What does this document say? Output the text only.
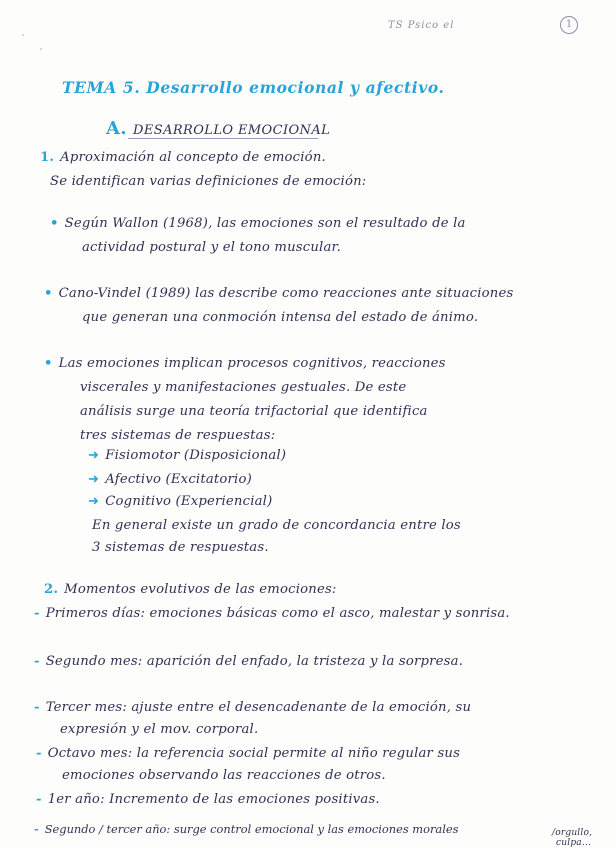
TS Psico el	1
TEMA 5. Desarrollo emocional y afectivo.
A. DESARROLLO EMOCIONAL
1. Aproximación al concepto de emoción.
Se identifican varias definiciones de emoción:
• Según Wallon (1968), las emociones son el resultado de la
actividad postural y el tono muscular.
• Cano-Vindel (1989) las describe como reacciones ante situaciones
que generan una conmoción intensa del estado de ánimo.
• Las emociones implican procesos cognitivos, reacciones
viscerales y manifestaciones gestuales. De este
análisis surge una teoría trifactorial que identifica
tres sistemas de respuestas:
➜ Fisiomotor (Disposicional)
➜ Afectivo (Excitatorio)
➜ Cognitivo (Experiencial)
En general existe un grado de concordancia entre los
3 sistemas de respuestas.
2. Momentos evolutivos de las emociones:
- Primeros días: emociones básicas como el asco, malestar y sonrisa.
- Segundo mes: aparición del enfado, la tristeza y la sorpresa.
- Tercer mes: ajuste entre el desencadenante de la emoción, su
expresión y el mov. corporal.
- Octavo mes: la referencia social permite al niño regular sus
emociones observando las reacciones de otros.
- 1er año: Incremento de las emociones positivas.
- Segundo / tercer año: surge control emocional y las emociones morales	/orgullo,
culpa...
